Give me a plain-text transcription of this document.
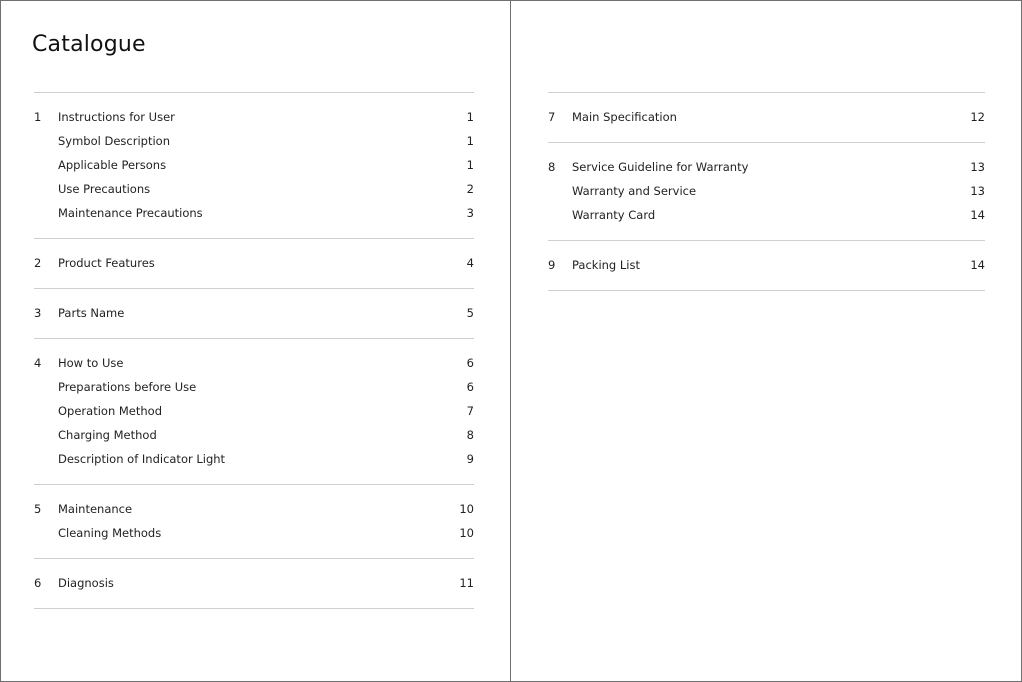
Catalogue
1	Instructions for User	1
Symbol Description	1
Applicable Persons	1
Use Precautions	2
Maintenance Precautions	3
2	Product Features	4
3	Parts Name	5
4	How to Use	6
Preparations before Use	6
Operation Method	7
Charging Method	8
Description of Indicator Light	9
5	Maintenance	10
Cleaning Methods	10
6	Diagnosis	11
7	Main Specification	12
8	Service Guideline for Warranty	13
Warranty and Service	13
Warranty Card	14
9	Packing List	14
